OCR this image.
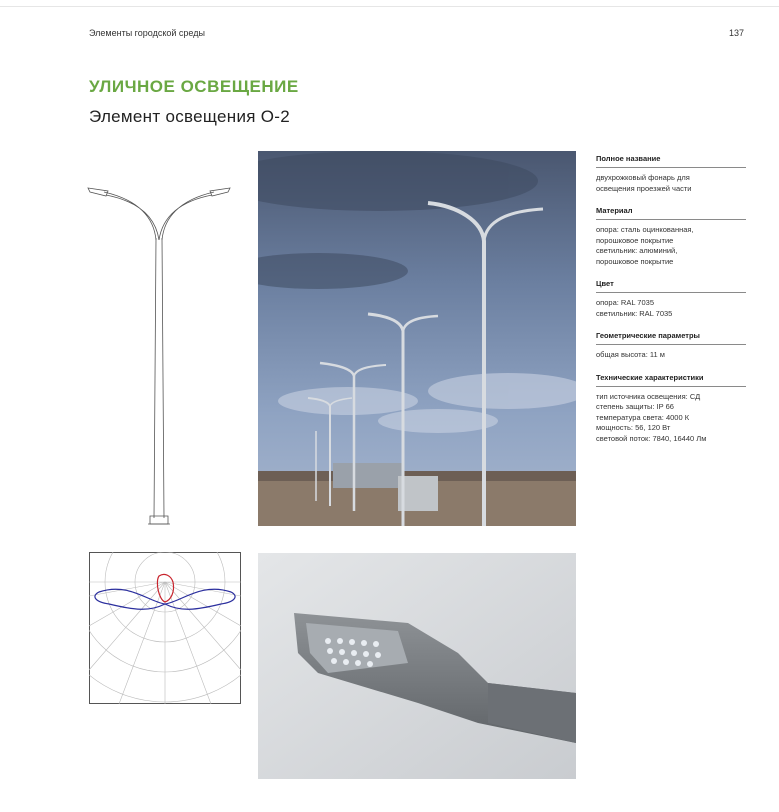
Элементы городской среды	137
УЛИЧНОЕ ОСВЕЩЕНИЕ
Элемент освещения О-2
Полное название
двухрожковый фонарь для
освещения проезжей части
Материал
опора: сталь оцинкованная,
порошковое покрытие
светильник: алюминий,
порошковое покрытие
Цвет
опора: RAL 7035
светильник: RAL 7035
Геометрические параметры
общая высота: 11 м
Технические характеристики
тип источника освещения: СД
степень защиты: IP 66
температура света: 4000 К
мощность: 56, 120 Вт
световой поток: 7840, 16440 Лм
